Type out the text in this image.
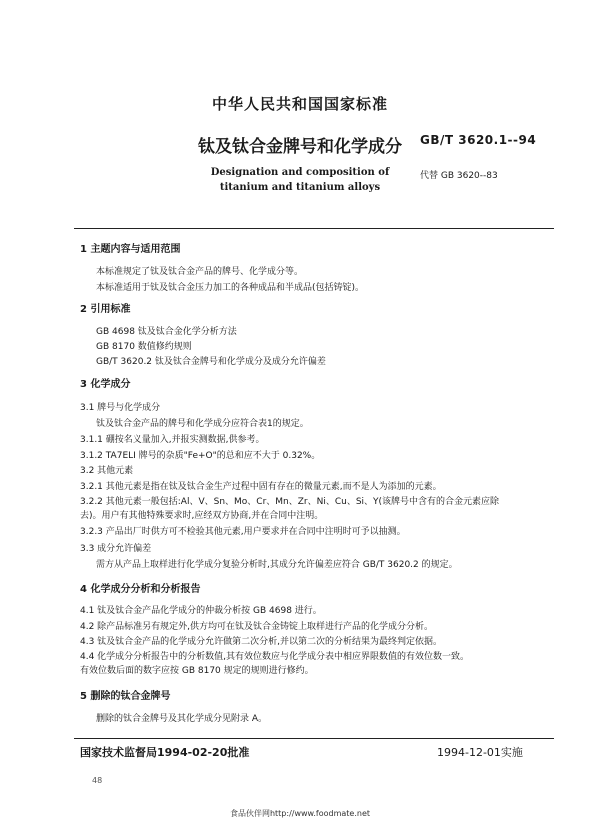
中华人民共和国国家标准
钛及钛合金牌号和化学成分	GB/T 3620.1--94
代替 GB 3620--83
Designation and composition of
titanium and titanium alloys
1 主题内容与适用范围
本标准规定了钛及钛合金产品的牌号、化学成分等。
本标准适用于钛及钛合金压力加工的各种成品和半成品(包括铸锭)。
2 引用标准
GB 4698 钛及钛合金化学分析方法
GB 8170 数值修约规则
GB/T 3620.2 钛及钛合金牌号和化学成分及成分允许偏差
3 化学成分
3.1 牌号与化学成分
钛及钛合金产品的牌号和化学成分应符合表1的规定。
3.1.1 硼按名义量加入,并报实测数据,供参考。
3.1.2 TA7ELI 牌号的杂质"Fe+O"的总和应不大于 0.32%。
3.2 其他元素
3.2.1 其他元素是指在钛及钛合金生产过程中固有存在的微量元素,而不是人为添加的元素。
3.2.2 其他元素一般包括:Al、V、Sn、Mo、Cr、Mn、Zr、Ni、Cu、Si、Y(该牌号中含有的合金元素应除
去)。用户有其他特殊要求时,应经双方协商,并在合同中注明。
3.2.3 产品出厂时供方可不检验其他元素,用户要求并在合同中注明时可予以抽测。
3.3 成分允许偏差
需方从产品上取样进行化学成分复验分析时,其成分允许偏差应符合 GB/T 3620.2 的规定。
4 化学成分分析和分析报告
4.1 钛及钛合金产品化学成分的仲裁分析按 GB 4698 进行。
4.2 除产品标准另有规定外,供方均可在钛及钛合金铸锭上取样进行产品的化学成分分析。
4.3 钛及钛合金产品的化学成分允许做第二次分析,并以第二次的分析结果为最终判定依据。
4.4 化学成分分析报告中的分析数值,其有效位数应与化学成分表中相应界限数值的有效位数一致。
有效位数后面的数字应按 GB 8170 规定的规则进行修约。
5 删除的钛合金牌号
删除的钛合金牌号及其化学成分见附录 A。
国家技术监督局1994-02-20批准	1994-12-01实施
48
食品伙伴网http://www.foodmate.net
